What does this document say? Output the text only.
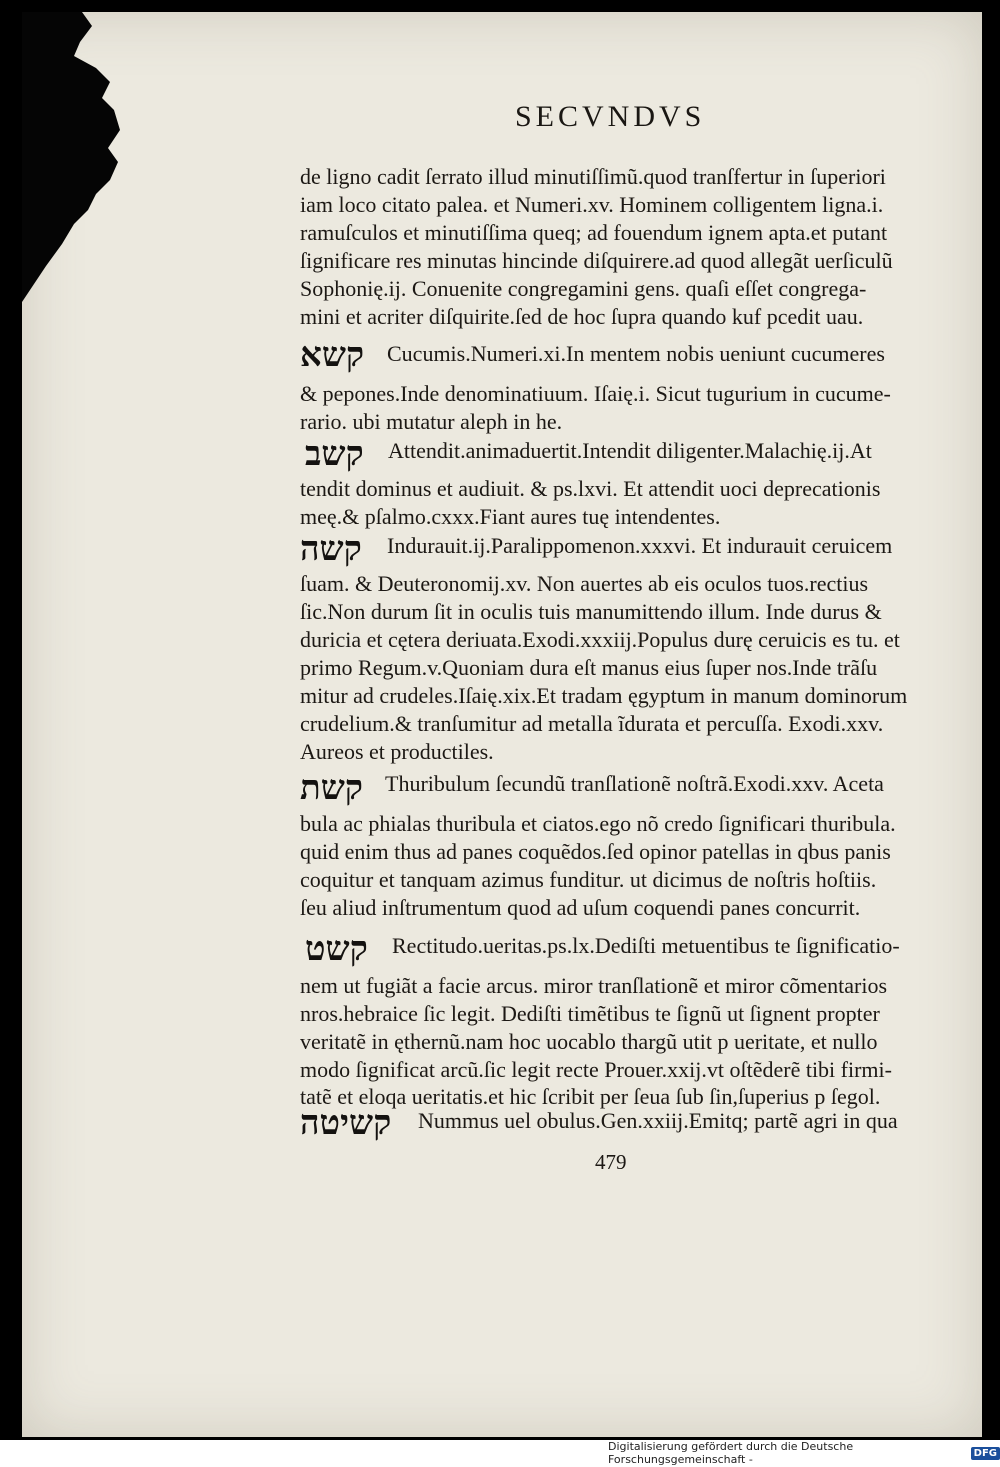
SECVNDVS
de ligno cadit ſerrato illud minutiſſimũ.quod tranſfertur in ſuperiori
iam loco citato palea. et Numeri.xv. Hominem colligentem ligna.i.
ramuſculos et minutiſſima queq; ad fouendum ignem apta.et putant
ſignificare res minutas hincinde diſquirere.ad quod allegãt uerſiculũ
Sophonię.ij. Conuenite congregamini gens. quaſi eſſet congrega-
mini et acriter diſquirite.ſed de hoc ſupra quando kuf pcedit uau.
קשא Cucumis.Numeri.xi.In mentem nobis ueniunt cucumeres
& pepones.Inde denominatiuum. Iſaię.i. Sicut tugurium in cucume-
rario. ubi mutatur aleph in he.
קשב Attendit.animaduertit.Intendit diligenter.Malachię.ij.At
tendit dominus et audiuit. & ps.lxvi. Et attendit uoci deprecationis
meę.& pſalmo.cxxx.Fiant aures tuę intendentes.
קשה Indurauit.ij.Paralippomenon.xxxvi. Et indurauit ceruicem
ſuam. & Deuteronomij.xv. Non auertes ab eis oculos tuos.rectius
ſic.Non durum ſit in oculis tuis manumittendo illum. Inde durus &
duricia et cętera deriuata.Exodi.xxxiij.Populus durę ceruicis es tu. et
primo Regum.v.Quoniam dura eſt manus eius ſuper nos.Inde trãſu
mitur ad crudeles.Iſaię.xix.Et tradam ęgyptum in manum dominorum
crudelium.& tranſumitur ad metalla ĩdurata et percuſſa. Exodi.xxv.
Aureos et productiles.
קשת Thuribulum ſecundũ tranſlationẽ noſtrã.Exodi.xxv. Aceta
bula ac phialas thuribula et ciatos.ego nõ credo ſignificari thuribula.
quid enim thus ad panes coquẽdos.ſed opinor patellas in qbus panis
coquitur et tanquam azimus funditur. ut dicimus de noſtris hoſtiis.
ſeu aliud inſtrumentum quod ad uſum coquendi panes concurrit.
קשט Rectitudo.ueritas.ps.lx.Dediſti metuentibus te ſignificatio-
nem ut fugiãt a facie arcus. miror tranſlationẽ et miror cõmentarios
nros.hebraice ſic legit. Dediſti timẽtibus te ſignũ ut ſignent propter
veritatẽ in ęthernũ.nam hoc uocablo thargũ utit p ueritate, et nullo
modo ſignificat arcũ.ſic legit recte Prouer.xxij.vt oſtẽderẽ tibi firmi-
tatẽ et eloqa ueritatis.et hic ſcribit per ſeua ſub ſin,ſuperius p ſegol.
קשיטה Nummus uel obulus.Gen.xxiij.Emitq; partẽ agri in qua
479
Digitalisierung gefördert durch die Deutsche Forschungsgemeinschaft -	DFG
